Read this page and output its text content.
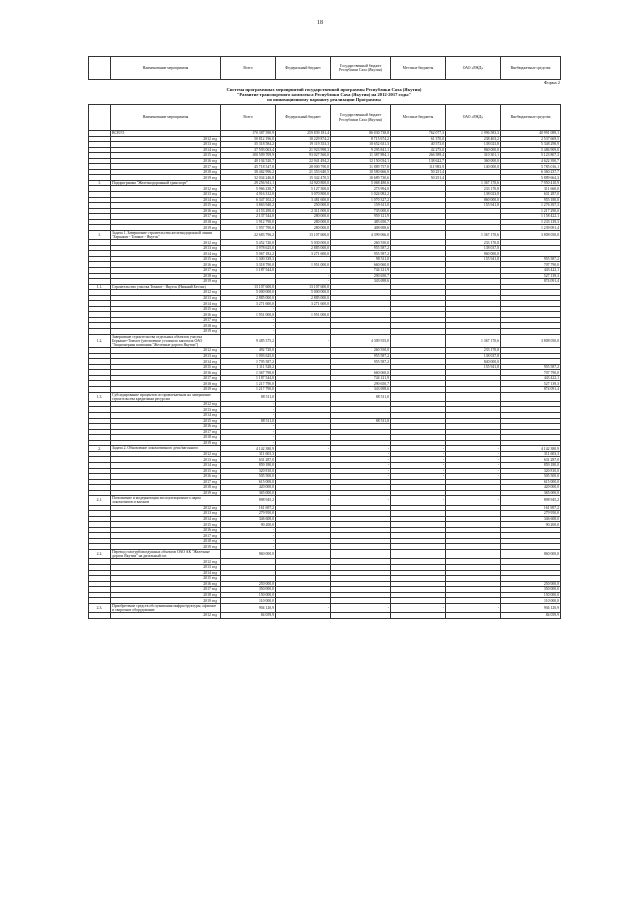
18
	Наименование мероприятия	Всего	Федеральный бюджет	Государственный бюджет Республики Саха (Якутия)	Местные бюджеты	ОАО «РЖД»	Внебюджетные средства
Форма 2
Система программных мероприятий государственной программы Республики Саха (Якутия)
"Развитие транспортного комплекса Республики Саха (Якутия) на 2012-2017 годы"
по инновационному варианту реализации Программы
	Наименование мероприятия	Всего	Федеральный бюджет	Государственный бюджет Республики Саха (Якутия)	Местные бюджеты	ОАО «РЖД»	Внебюджетные средства
	ВСЕГО	170 387 590,9	259 839 181,4	86 030 738,8	762 077,3	1 996 583,3	40 991 089,1
	2012 год	50 812 196,0	18 229 874,2	8 715 674,2	61 370,0	238 403,2	2 537 669,5
	2013 год	35 318 584,2	19 119 353,3	10 652 631,3	40 573,0	138 023,8	5 348 298,9
	2014 год	37 593 063,4	21 923 998,3	9 295 841,1	42 275,0	860 000,0	5 486 909,0
	2015 год	100 509 709,9	93 027 560,0	11 387 884,1	266 589,4	310 301,1	5 123 807,3
	2016 год	40 104 520,7	22 941 494,2	12 150 034,1	138 622,7	360 000,0	4 622 390,7
	2017 год	45 718 547,8	28 000 790,0	11 889 757,8	111 983,9	140 000,0	5 785 016,1
	2018 год	38 462 996,2	21 353 640,5	10 580 666,0	50 251,4		6 360 237,7
	2019 год	32 034 246,8	15 342 470,5	10 689 730,6	50 251,4		5 889 664,3
1.	Подпрограмма "Железнодорожный транспорт"	29 256 941,1	14 920 800,0	5 068 480,6		1 367 170,6	7 950 410,9
	2012 год	5 966 238,7	5 127 500,0	273 994,0		233 170,8	311 660,0
	2013 год	4 916 312,0	3 070 800,0	1 024 082,2		138 023,8	631 287,0
	2014 год	6 347 102,2	3 481 600,0	1 070 327,2		860 000,0	955 180,0
	2015 год	3 863 940,2	250 000,0	159 611,0		155 941,8	1 276 397,3
	2016 год	4 153 290,0	2 311 000,0	735 000,0			1 217 290,0
	2017 год	2 137 544,0	280 000,0	959 121,9			1 158 422,1
	2018 год	1 912 790,0	280 000,0	483 650,7			1 233 139,3
	2019 год	1 957 790,0	280 000,0	408 698,6			1 239 091,4
1.	Задача 1. Завершение строительства железнодорожной линии "Беркакит - Томмот - Якутск"	22 683 796,2	13 107 600,0	4 399 066,0		1 367 170,6	3 808 050,0
	2012 год	5 452 720,0	5 030 000,0	260 550,0		233 170,8	
	2013 год	3 978 625,0	2 885 000,0	955 587,2		138 037,8	
	2014 год	5 067 182,2	3 271 600,0	955 587,2		860 000,0	
	2015 год	1 300 339,3		98 511,0		155 941,8	955 587,2
	2016 год	3 318 790,0	1 951 000,0	660 060,0			707 790,0
	2017 год	1 187 544,0		744 121,9			443 422,1
	2018 год		-	290 650,7			527 139,3
	2019 год		-	343 698,6			874 091,4
1.1.	Строительство участка Томмот - Якутск (Нижний Бестях)	13 107 600,0	13 107 600,0				
	2012 год	5 000 000,0	5 000 000,0				
	2013 год	2 885 000,0	2 885 000,0				
	2014 год	3 271 600,0	3 271 600,0				
	2015 год	-					
	2016 год	1 951 000,0	1 951 000,0				
	2017 год	-					
	2018 год	-					
	2019 год	-					
1.2.	Завершение строительства отдельных объектов участка Беркакит-Томмот (увеличение уставного капитала ОАО "Акционерная компания "Железные дороги Якутии")	9 485 375,2	-	4 309 555,0		1 367 170,6	3 808 050,0
	2012 год	492 720,0		260 550,0		233 170,8	
	2013 год	1 093 625,0		955 587,2		138 037,8	
	2014 год	1 795 587,2		955 587,2		840 000,0	
	2015 год	1 111 528,2				155 941,8	955 587,2
	2016 год	1 367 790,0		660 060,0			707 790,0
	2017 год	1 187 544,0		744 121,9			443 422,1
	2018 год	1 217 790,0		290 650,7			527 139,3
	2019 год	1 217 790,0		343 698,6			874 091,4
1.3.	Субсидирование процентов по привлекаемым на завершение строительства кредитным ресурсам	88 511,0		88 511,0			
	2012 год	-					
	2013 год	-					
	2014 год	-					
	2015 год	88 511,0		88 511,0			
	2016 год	-					
	2017 год	-					
	2018 год	-					
	2019 год	-					
2.	Задача 2. Обновление локомотивного депо/вагонного	4 142 380,9	-	-	-	-	4 142 380,9
	2012 год	311 603,3		-	-	-	311 603,3
	2013 год	631 287,0		-	-	-	631 287,0
	2014 год	859 180,0		-	-	-	859 180,0
	2015 год	320 810,0		-	-	-	320 810,0
	2016 год	505 500,0		-	-	-	505 500,0
	2017 год	615 000,0					615 000,0
	2018 год	420 000,0					420 000,0
	2019 год	365 000,0					365 000,0
2.1.	Пополнение и модернизация эксплуатационного парка локомотивов и вагонов	898 945,2	-	-	-	-	898 945,2
	2012 год	161 697,2					161 697,2
	2013 год	279 950,0					279 950,0
	2014 год	346 608,0					346 608,0
	2015 год	90 200,0					90 200,0
	2016 год	-					
	2017 год	-					
	2018 год	-					
	2019 год	-					
2.2.	Перевод газотурбовоздушных объектов ОАО АК "Железные дороги Якутии" на дизельный газ	860 000,0					860 000,0
	2012 год						
	2013 год						
	2014 год						
	2015 год						
	2016 год	250 000,0					250 000,0
	2017 год	350 000,0					350 000,0
	2018 год	150 000,0					150 000,0
	2019 год	110 000,0					110 000,0
2.3.	Приобретение средств обслуживания инфраструктуры, офисное и сварочное оборудование	904 120,9	-	-	-	-	904 120,9
	2012 год	84 059,9					84 059,9
